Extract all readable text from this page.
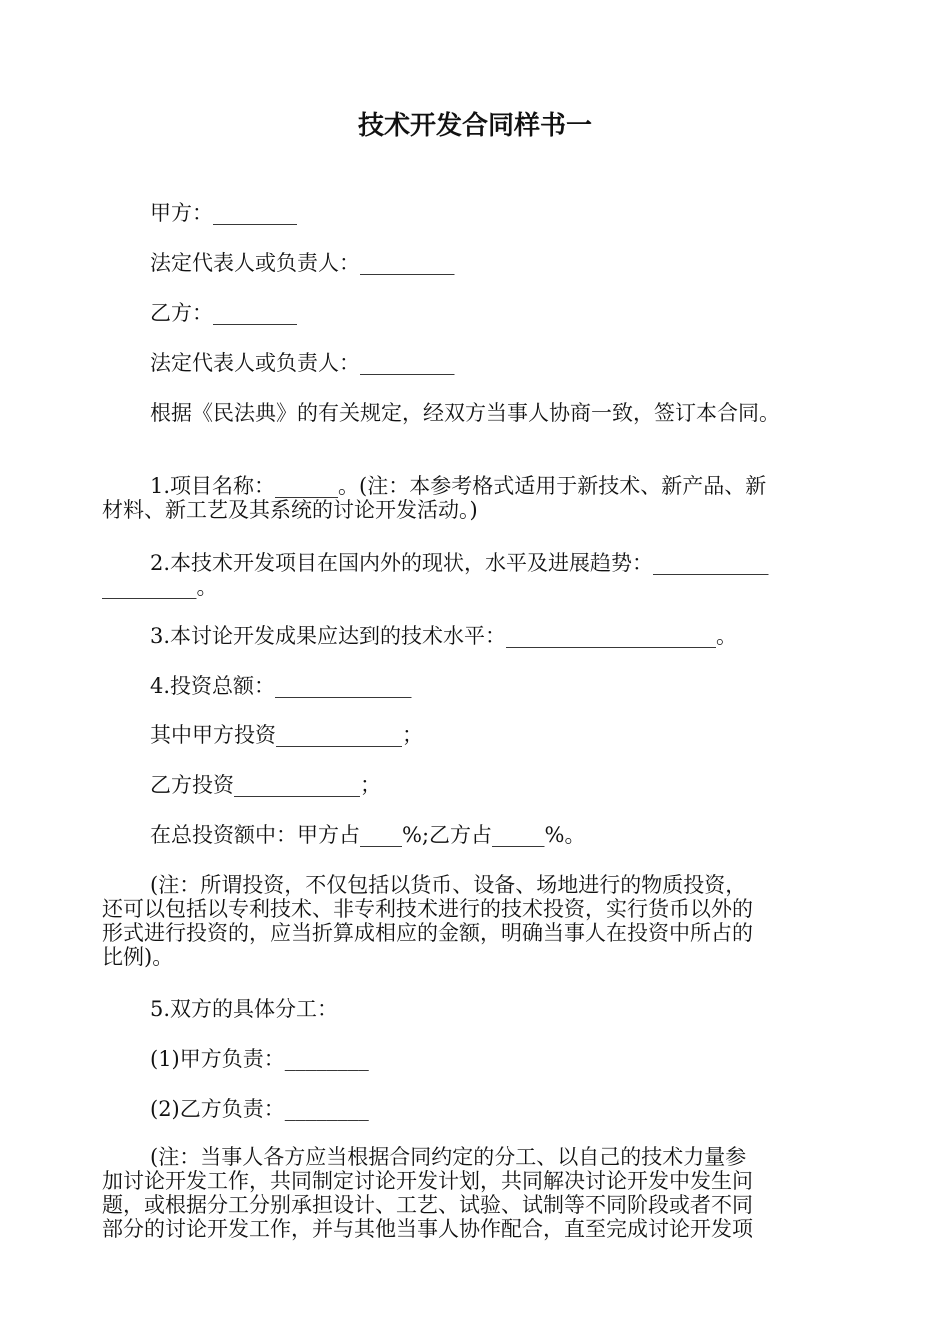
技术开发合同样书一
甲方：________
法定代表人或负责人：_________
乙方：________
法定代表人或负责人：_________
根据《民法典》的有关规定，经双方当事人协商一致，签订本合同。
1.项目名称：______。(注：本参考格式适用于新技术、新产品、新
材料、新工艺及其系统的讨论开发活动。)
2.本技术开发项目在国内外的现状，水平及进展趋势：___________
_________。
3.本讨论开发成果应达到的技术水平：____________________。
4.投资总额：_____________
其中甲方投资____________；
乙方投资____________；
在总投资额中：甲方占____%;乙方占_____%。
(注：所谓投资，不仅包括以货币、设备、场地进行的物质投资，
还可以包括以专利技术、非专利技术进行的技术投资，实行货币以外的
形式进行投资的，应当折算成相应的金额，明确当事人在投资中所占的
比例)。
5.双方的具体分工：
(1)甲方负责：________
(2)乙方负责：________
(注：当事人各方应当根据合同约定的分工、以自己的技术力量参
加讨论开发工作，共同制定讨论开发计划，共同解决讨论开发中发生问
题，或根据分工分别承担设计、工艺、试验、试制等不同阶段或者不同
部分的讨论开发工作，并与其他当事人协作配合，直至完成讨论开发项
